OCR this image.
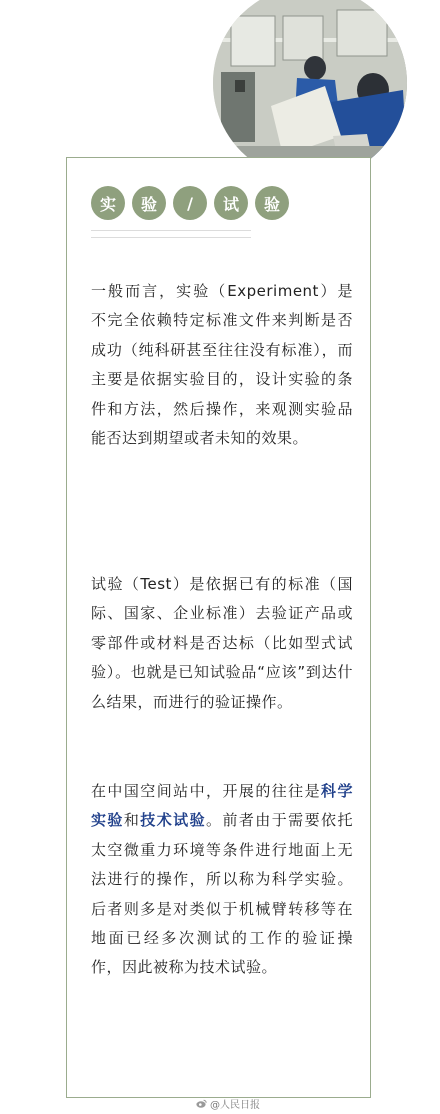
实	验	/	试	验

一般而言，实验（Experiment）是不完全依赖特定标准文件来判断是否成功（纯科研甚至往往没有标准），而主要是依据实验目的，设计实验的条件和方法，然后操作，来观测实验品能否达到期望或者未知的效果。

试验（Test）是依据已有的标准（国际、国家、企业标准）去验证产品或零部件或材料是否达标（比如型式试验）。也就是已知试验品“应该”到达什么结果，而进行的验证操作。

在中国空间站中，开展的往往是科学实验和技术试验。前者由于需要依托太空微重力环境等条件进行地面上无法进行的操作，所以称为科学实验。后者则多是对类似于机械臂转移等在地面已经多次测试的工作的验证操作，因此被称为技术试验。

@人民日报
